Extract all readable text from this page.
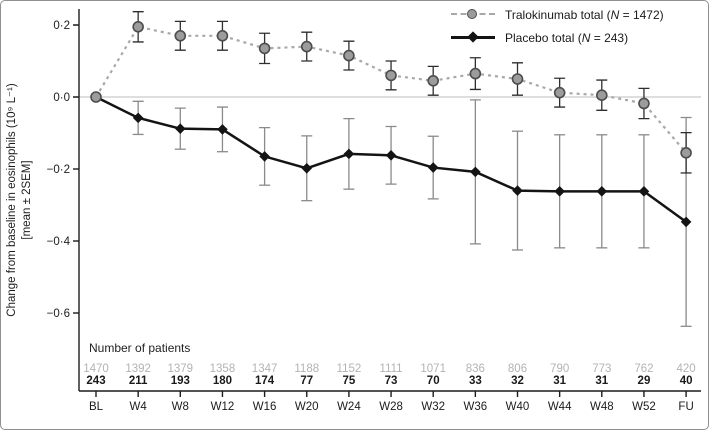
0·2
0·0
−0·2
−0·4
−0·6
BL W4 W8 W12 W16 W20 W24 W28 W32 W36 W40 W44 W48 W52 FU
1470 1392 1379 1358 1347 1188 1152 1111 1071 836 806 790 773 762 420
243 211 193 180 174 77	75	73	70	33	32	31	31	29	40
Change from baseline in eosinophils (10⁹ L⁻¹) [mean ± 2SEM]
Number of patients
Tralokinumab total (N = 1472)
Placebo total (N = 243)
